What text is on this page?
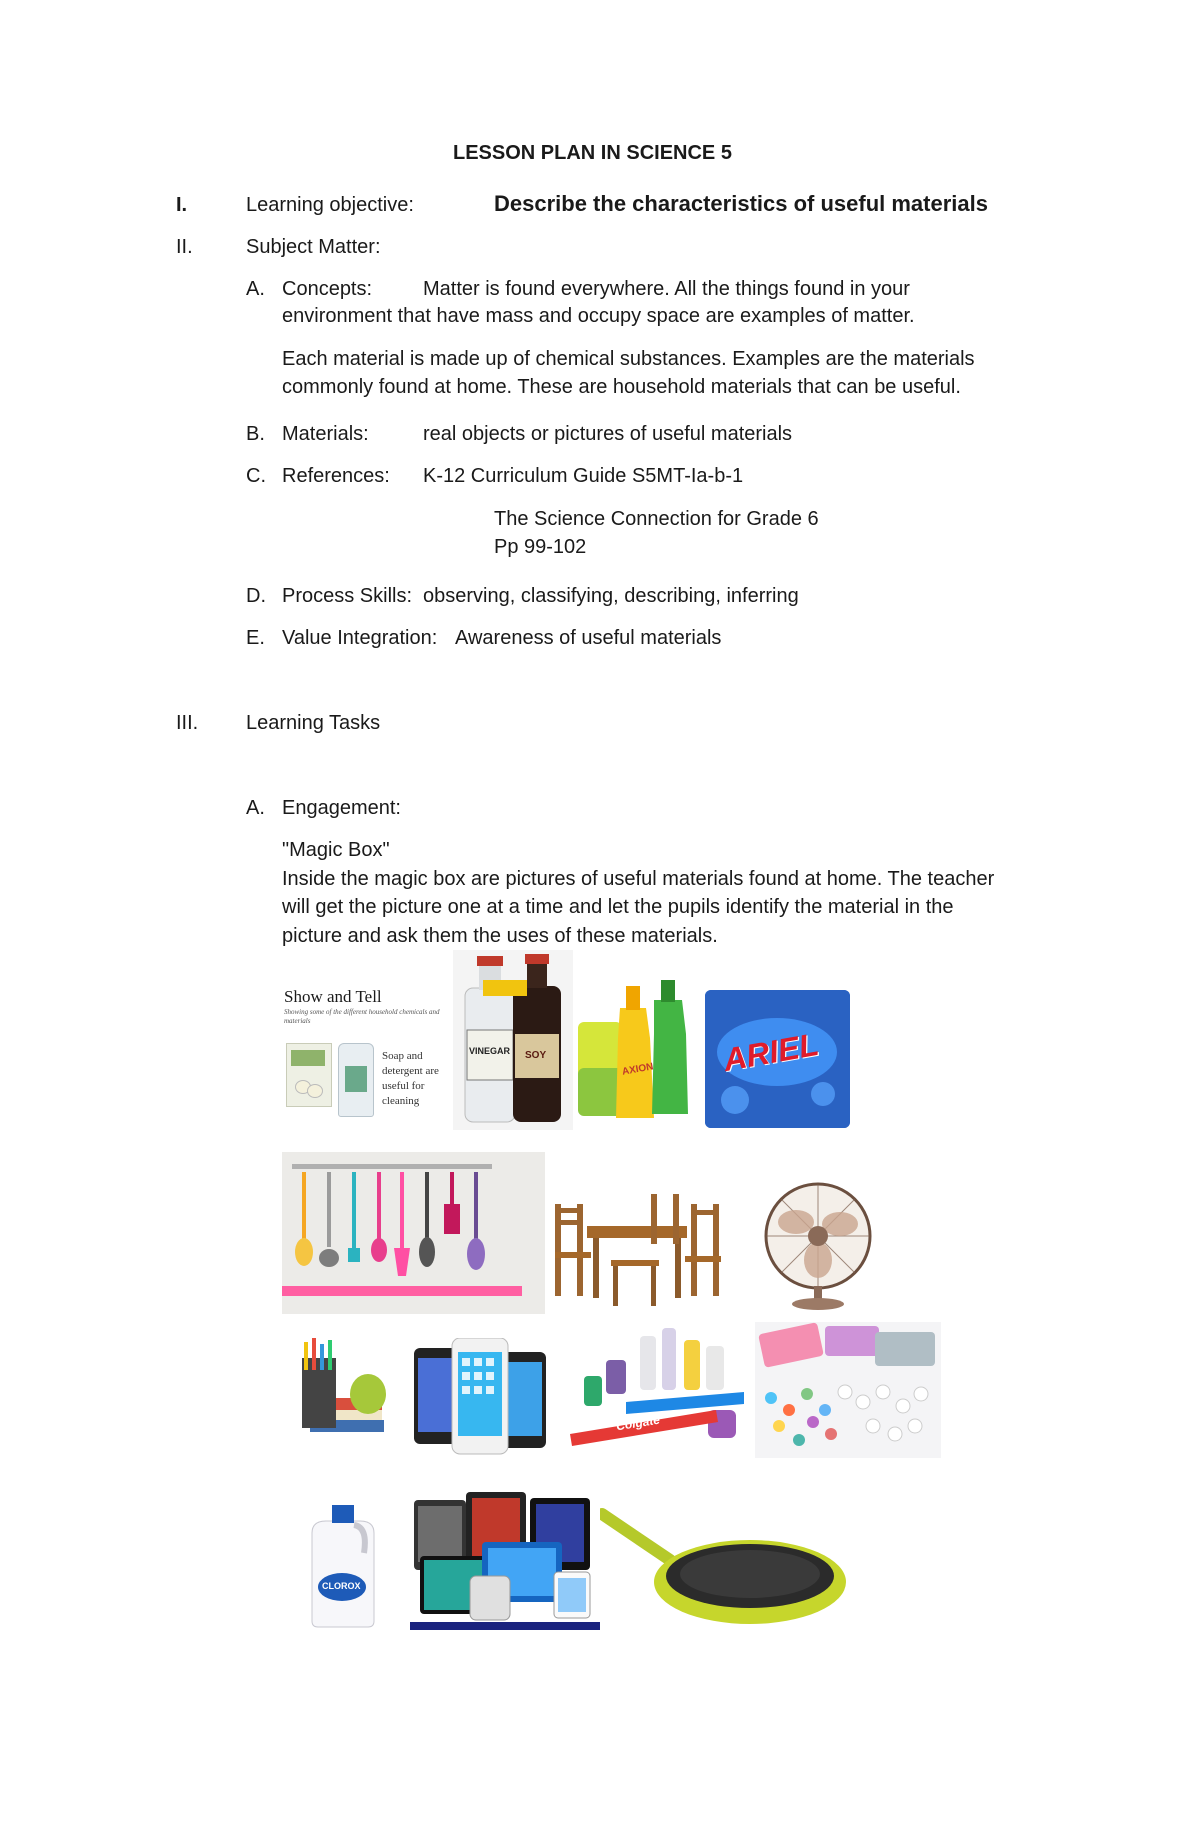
LESSON PLAN IN SCIENCE 5
I.	Learning objective:	Describe the characteristics of useful materials
II.	Subject Matter:
A. Concepts:	Matter is found everywhere. All the things found in your
environment that have mass and occupy space are examples of matter.
Each material is made up of chemical substances. Examples are the materials
commonly found at home. These are household materials that can be useful.
B. Materials:	real objects or pictures of useful materials
C. References: K-12 Curriculum Guide S5MT-Ia-b-1
The Science Connection for Grade 6
Pp 99-102
D. Process Skills: observing, classifying, describing, inferring
E. Value Integration: Awareness of useful materials
III. Learning Tasks
A. Engagement:
"Magic Box"
Inside the magic box are pictures of useful materials found at home. The teacher
will get the picture one at a time and let the pupils identify the material in the
picture and ask them the uses of these materials.
Show and Tell
Showing some of the different household chemicals and materials
Soap and
detergent are
useful for
cleaning
VINEGAR SOY
AXION ARIEL
Colgate
CLOROX
